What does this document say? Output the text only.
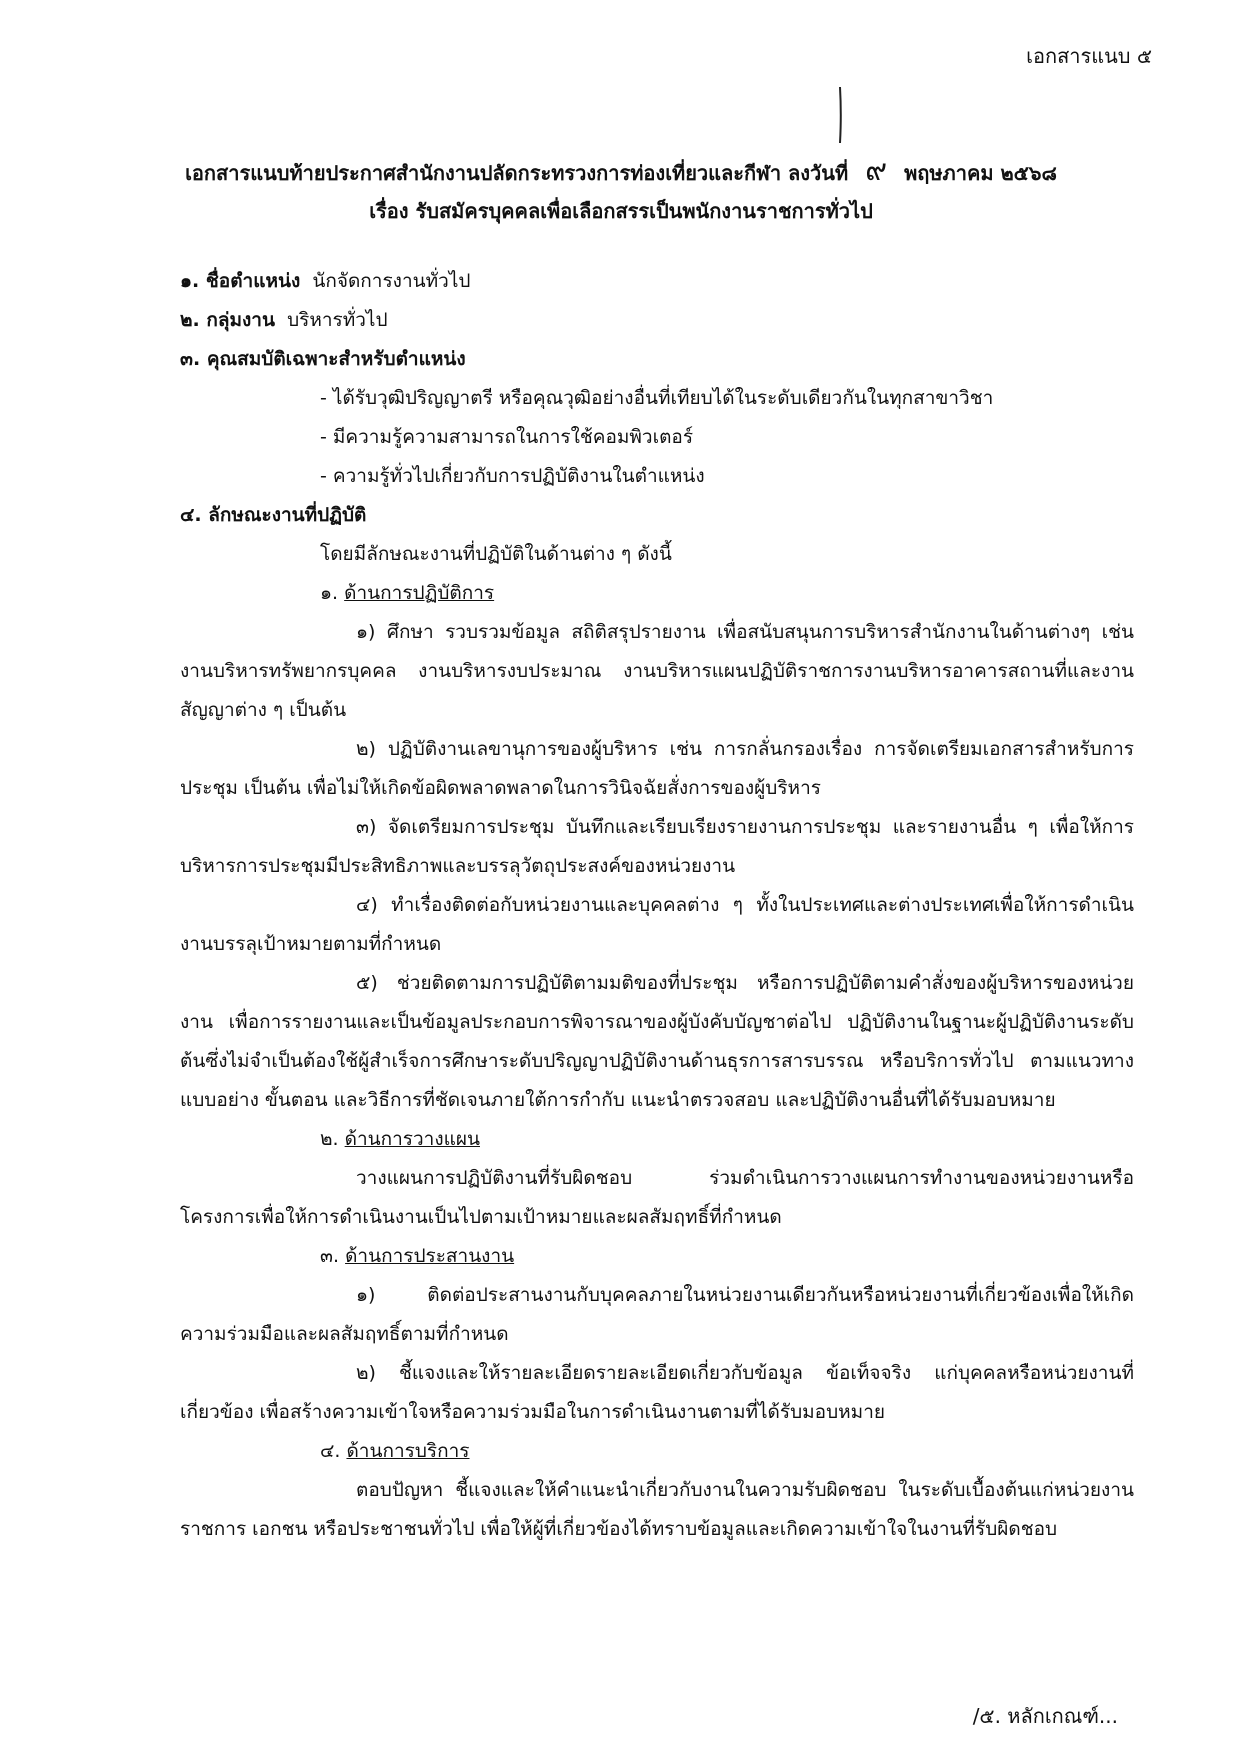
เอกสารแนบ ๕
เอกสารแนบท้ายประกาศสำนักงานปลัดกระทรวงการท่องเที่ยวและกีฬา ลงวันที่ ๙ พฤษภาคม ๒๕๖๘
เรื่อง รับสมัครบุคคลเพื่อเลือกสรรเป็นพนักงานราชการทั่วไป
๑. ชื่อตำแหน่ง นักจัดการงานทั่วไป
๒. กลุ่มงาน บริหารทั่วไป
๓. คุณสมบัติเฉพาะสำหรับตำแหน่ง
- ได้รับวุฒิปริญญาตรี หรือคุณวุฒิอย่างอื่นที่เทียบได้ในระดับเดียวกันในทุกสาขาวิชา
- มีความรู้ความสามารถในการใช้คอมพิวเตอร์
- ความรู้ทั่วไปเกี่ยวกับการปฏิบัติงานในตำแหน่ง
๔. ลักษณะงานที่ปฏิบัติ
โดยมีลักษณะงานที่ปฏิบัติในด้านต่าง ๆ ดังนี้
๑. ด้านการปฏิบัติการ
๑) ศึกษา รวบรวมข้อมูล สถิติสรุปรายงาน เพื่อสนับสนุนการบริหารสำนักงานในด้านต่างๆ เช่น งานบริหารทรัพยากรบุคคล งานบริหารงบประมาณ งานบริหารแผนปฏิบัติราชการงานบริหารอาคารสถานที่และงานสัญญาต่าง ๆ เป็นต้น
๒) ปฏิบัติงานเลขานุการของผู้บริหาร เช่น การกลั่นกรองเรื่อง การจัดเตรียมเอกสารสำหรับการประชุม เป็นต้น เพื่อไม่ให้เกิดข้อผิดพลาดพลาดในการวินิจฉัยสั่งการของผู้บริหาร
๓) จัดเตรียมการประชุม บันทึกและเรียบเรียงรายงานการประชุม และรายงานอื่น ๆ เพื่อให้การบริหารการประชุมมีประสิทธิภาพและบรรลุวัตถุประสงค์ของหน่วยงาน
๔) ทำเรื่องติดต่อกับหน่วยงานและบุคคลต่าง ๆ ทั้งในประเทศและต่างประเทศเพื่อให้การดำเนินงานบรรลุเป้าหมายตามที่กำหนด
๕) ช่วยติดตามการปฏิบัติตามมติของที่ประชุม หรือการปฏิบัติตามคำสั่งของผู้บริหารของหน่วยงาน เพื่อการรายงานและเป็นข้อมูลประกอบการพิจารณาของผู้บังคับบัญชาต่อไป ปฏิบัติงานในฐานะผู้ปฏิบัติงานระดับต้นซึ่งไม่จำเป็นต้องใช้ผู้สำเร็จการศึกษาระดับปริญญาปฏิบัติงานด้านธุรการสารบรรณ หรือบริการทั่วไป ตามแนวทาง แบบอย่าง ขั้นตอน และวิธีการที่ชัดเจนภายใต้การกำกับ แนะนำตรวจสอบ และปฏิบัติงานอื่นที่ได้รับมอบหมาย
๒. ด้านการวางแผน
วางแผนการปฏิบัติงานที่รับผิดชอบ ร่วมดำเนินการวางแผนการทำงานของหน่วยงานหรือโครงการเพื่อให้การดำเนินงานเป็นไปตามเป้าหมายและผลสัมฤทธิ์ที่กำหนด
๓. ด้านการประสานงาน
๑) ติดต่อประสานงานกับบุคคลภายในหน่วยงานเดียวกันหรือหน่วยงานที่เกี่ยวข้องเพื่อให้เกิดความร่วมมือและผลสัมฤทธิ์ตามที่กำหนด
๒) ชี้แจงและให้รายละเอียดรายละเอียดเกี่ยวกับข้อมูล ข้อเท็จจริง แก่บุคคลหรือหน่วยงานที่เกี่ยวข้อง เพื่อสร้างความเข้าใจหรือความร่วมมือในการดำเนินงานตามที่ได้รับมอบหมาย
๔. ด้านการบริการ
ตอบปัญหา ชี้แจงและให้คำแนะนำเกี่ยวกับงานในความรับผิดชอบ ในระดับเบื้องต้นแก่หน่วยงานราชการ เอกชน หรือประชาชนทั่วไป เพื่อให้ผู้ที่เกี่ยวข้องได้ทราบข้อมูลและเกิดความเข้าใจในงานที่รับผิดชอบ
/๕. หลักเกณฑ์...
